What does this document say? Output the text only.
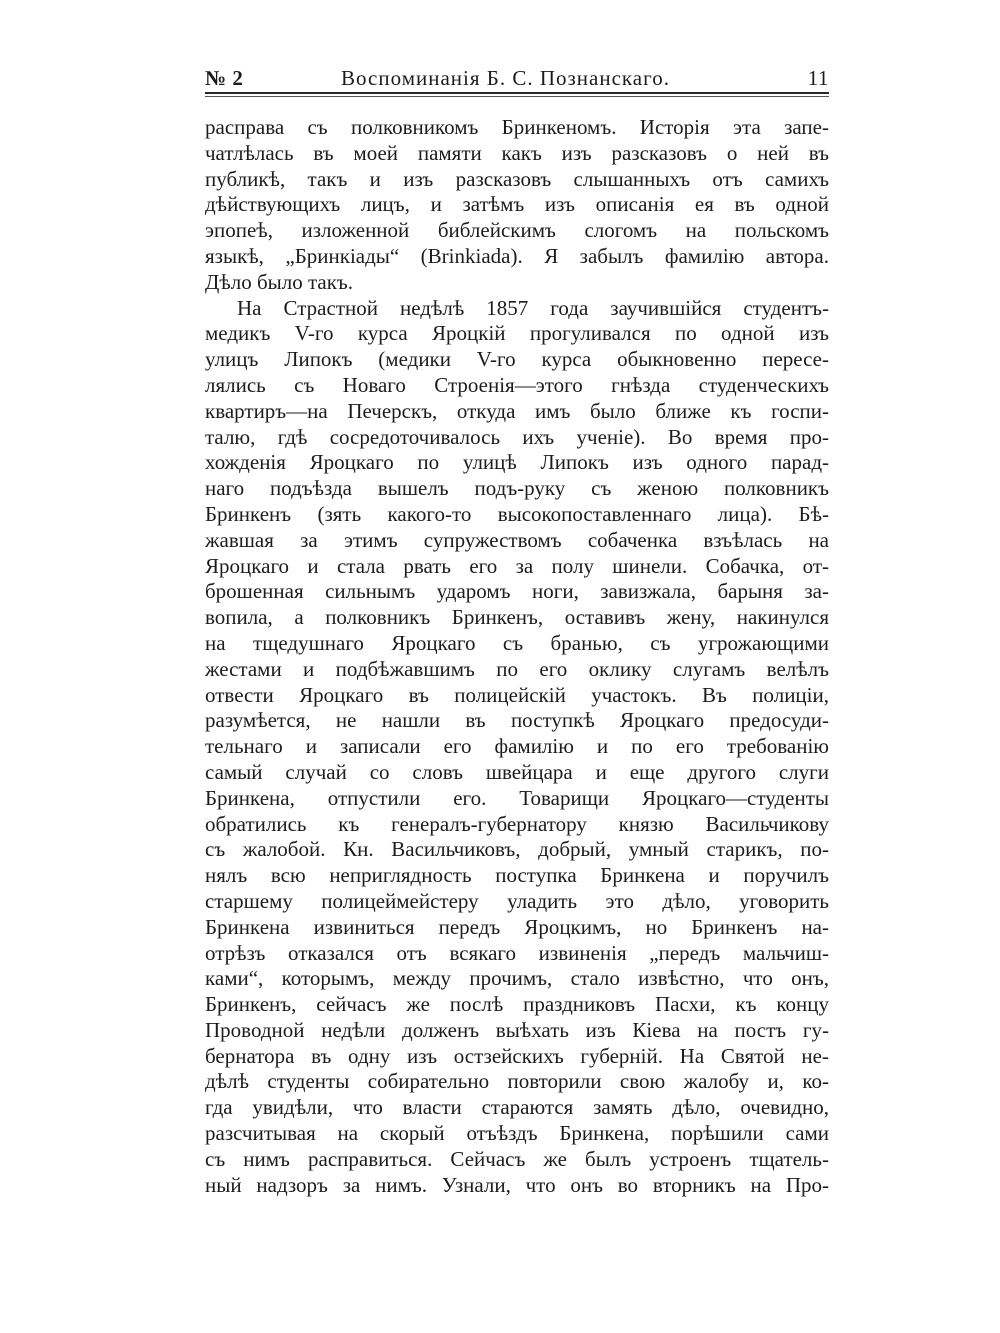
№ 2	Воспоминанія Б. С. Познанскаго.	11
расправа съ полковникомъ Бринкеномъ. Исторія эта запе-
чатлѣлась въ моей памяти какъ изъ разсказовъ о ней въ
публикѣ, такъ и изъ разсказовъ слышанныхъ отъ самихъ
дѣйствующихъ лицъ, и затѣмъ изъ описанія ея въ одной
эпопеѣ, изложенной библейскимъ слогомъ на польскомъ
языкѣ, „Бринкіады“ (Brinkiada). Я забылъ фамилію автора.
Дѣло было такъ.
На Страстной недѣлѣ 1857 года заучившійся студентъ-
медикъ V-го курса Яроцкій прогуливался по одной изъ
улицъ Липокъ (медики V-го курса обыкновенно пересе-
лялись съ Новаго Строенія—этого гнѣзда студенческихъ
квартиръ—на Печерскъ, откуда имъ было ближе къ госпи-
талю, гдѣ сосредоточивалось ихъ ученіе). Во время про-
хожденія Яроцкаго по улицѣ Липокъ изъ одного парад-
наго подъѣзда вышелъ подъ-руку съ женою полковникъ
Бринкенъ (зять какого-то высокопоставленнаго лица). Бѣ-
жавшая за этимъ супружествомъ собаченка взъѣлась на
Яроцкаго и стала рвать его за полу шинели. Собачка, от-
брошенная сильнымъ ударомъ ноги, завизжала, барыня за-
вопила, а полковникъ Бринкенъ, оставивъ жену, накинулся
на тщедушнаго Яроцкаго съ бранью, съ угрожающими
жестами и подбѣжавшимъ по его оклику слугамъ велѣлъ
отвести Яроцкаго въ полицейскій участокъ. Въ полиціи,
разумѣется, не нашли въ поступкѣ Яроцкаго предосуди-
тельнаго и записали его фамилію и по его требованію
самый случай со словъ швейцара и еще другого слуги
Бринкена, отпустили его. Товарищи Яроцкаго—студенты
обратились къ генералъ-губернатору князю Васильчикову
съ жалобой. Кн. Васильчиковъ, добрый, умный старикъ, по-
нялъ всю неприглядность поступка Бринкена и поручилъ
старшему полицеймейстеру уладить это дѣло, уговорить
Бринкена извиниться передъ Яроцкимъ, но Бринкенъ на-
отрѣзъ отказался отъ всякаго извиненія „передъ мальчиш-
ками“, которымъ, между прочимъ, стало извѣстно, что онъ,
Бринкенъ, сейчасъ же послѣ праздниковъ Пасхи, къ концу
Проводной недѣли долженъ выѣхать изъ Кіева на постъ гу-
бернатора въ одну изъ остзейскихъ губерній. На Святой не-
дѣлѣ студенты собирательно повторили свою жалобу и, ко-
гда увидѣли, что власти стараются замять дѣло, очевидно,
разсчитывая на скорый отъѣздъ Бринкена, порѣшили сами
съ нимъ расправиться. Сейчасъ же былъ устроенъ тщатель-
ный надзоръ за нимъ. Узнали, что онъ во вторникъ на Про-
